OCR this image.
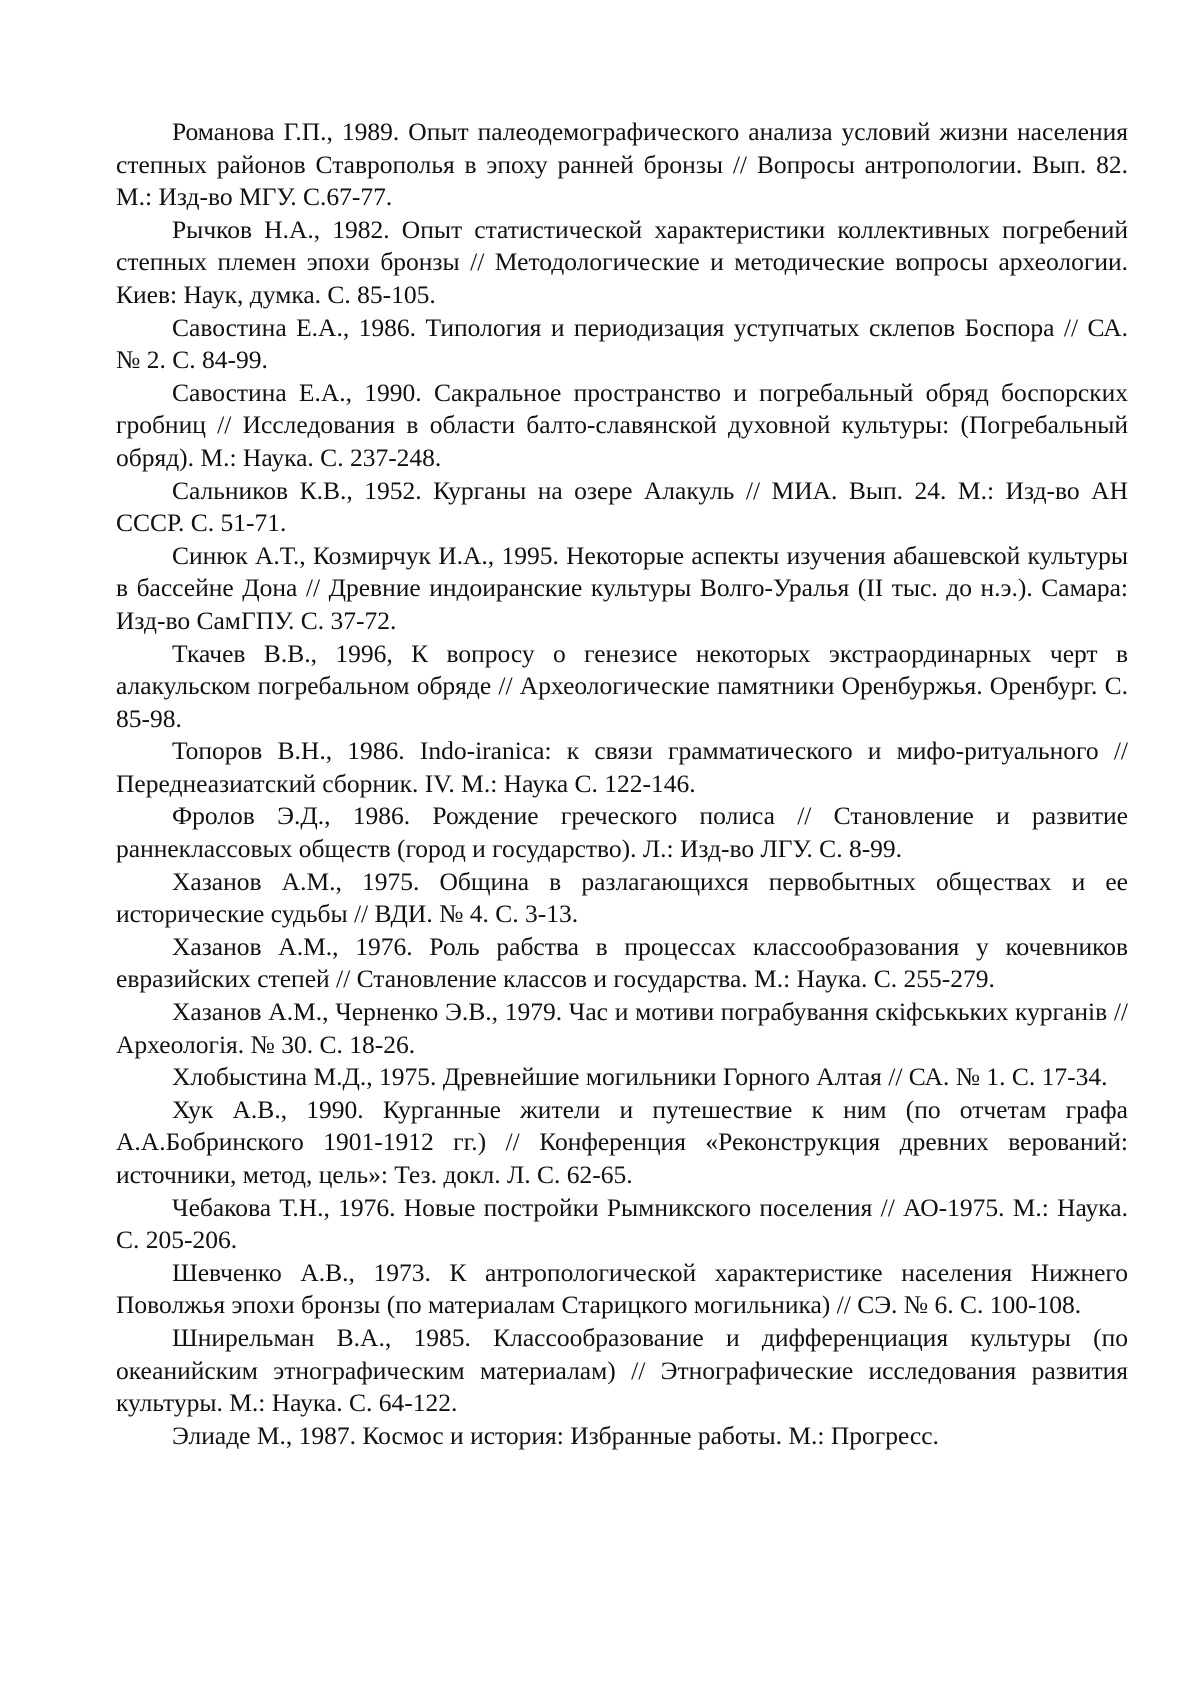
Романова Г.П., 1989. Опыт палеодемографического анализа условий жизни населения степных районов Ставрополья в эпоху ранней бронзы // Вопросы антропологии. Вып. 82. М.: Изд-во МГУ. С.67-77.

Рычков Н.А., 1982. Опыт статистической характеристики коллективных погребений степных племен эпохи бронзы // Методологические и методические вопросы археологии. Киев: Наук, думка. С. 85-105.

Савостина Е.А., 1986. Типология и периодизация уступчатых склепов Боспора // СА. № 2. С. 84-99.

Савостина Е.А., 1990. Сакральное пространство и погребальный обряд боспорских гробниц // Исследования в области балто-славянской духовной культуры: (Погребальный обряд). М.: Наука. С. 237-248.

Сальников К.В., 1952. Курганы на озере Алакуль // МИА. Вып. 24. М.: Изд-во АН СССР. С. 51-71.

Синюк А.Т., Козмирчук И.А., 1995. Некоторые аспекты изучения абашевской культуры в бассейне Дона // Древние индоиранские культуры Волго-Уралья (II тыс. до н.э.). Самара: Изд-во СамГПУ. С. 37-72.

Ткачев В.В., 1996, К вопросу о генезисе некоторых экстраординарных черт в алакульском погребальном обряде // Археологические памятники Оренбуржья. Оренбург. С. 85-98.

Топоров В.Н., 1986. Indo-iranica: к связи грамматического и мифо-ритуального // Переднеазиатский сборник. IV. М.: Наука С. 122-146.

Фролов Э.Д., 1986. Рождение греческого полиса // Становление и развитие раннеклассовых обществ (город и государство). Л.: Изд-во ЛГУ. С. 8-99.

Хазанов А.М., 1975. Община в разлагающихся первобытных обществах и ее исторические судьбы // ВДИ. № 4. С. 3-13.

Хазанов А.М., 1976. Роль рабства в процессах классообразования у кочевников евразийских степей // Становление классов и государства. М.: Наука. С. 255-279.

Хазанов А.М., Черненко Э.В., 1979. Час и мотиви пограбування скіфськьких курганів // Археологія. № 30. С. 18-26.

Хлобыстина М.Д., 1975. Древнейшие могильники Горного Алтая // СА. № 1. С. 17-34.

Хук А.В., 1990. Курганные жители и путешествие к ним (по отчетам графа А.А.Бобринского 1901-1912 гг.) // Конференция «Реконструкция древних верований: источники, метод, цель»: Тез. докл. Л. С. 62-65.

Чебакова Т.Н., 1976. Новые постройки Рымникского поселения // АО-1975. М.: Наука. С. 205-206.

Шевченко А.В., 1973. К антропологической характеристике населения Нижнего Поволжья эпохи бронзы (по материалам Старицкого могильника) // СЭ. № 6. С. 100-108.

Шнирельман В.А., 1985. Классообразование и дифференциация культуры (по океанийским этнографическим материалам) // Этнографические исследования развития культуры. М.: Наука. С. 64-122.

Элиаде М., 1987. Космос и история: Избранные работы. М.: Прогресс.
